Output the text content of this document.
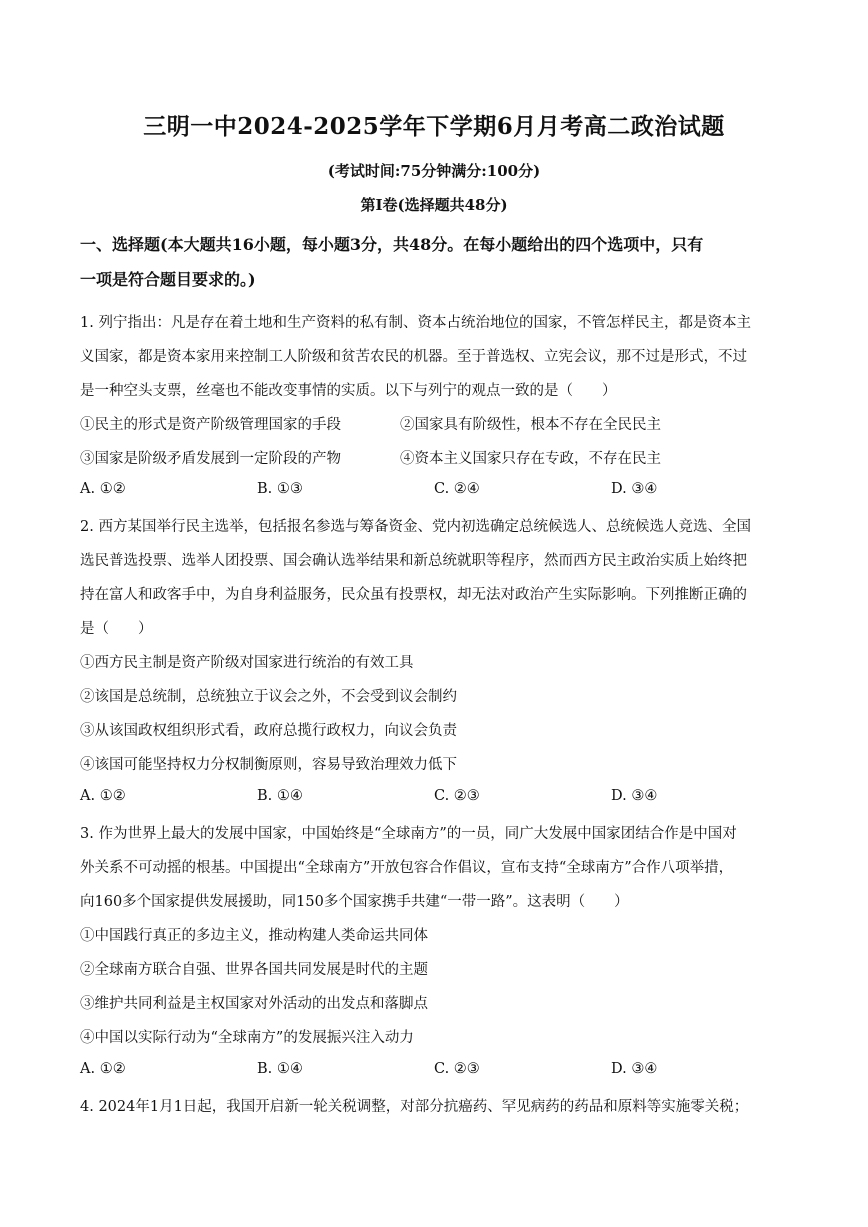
三明一中2024-2025学年下学期6月月考高二政治试题
(考试时间:75分钟满分:100分)
第Ⅰ卷(选择题共48分)
一、选择题(本大题共16小题，每小题3分，共48分。在每小题给出的四个选项中，只有
一项是符合题目要求的。)
1. 列宁指出：凡是存在着土地和生产资料的私有制、资本占统治地位的国家，不管怎样民主，都是资本主
义国家，都是资本家用来控制工人阶级和贫苦农民的机器。至于普选权、立宪会议，那不过是形式，不过
是一种空头支票，丝毫也不能改变事情的实质。以下与列宁的观点一致的是（　　）
①民主的形式是资产阶级管理国家的手段	②国家具有阶级性，根本不存在全民民主
③国家是阶级矛盾发展到一定阶段的产物	④资本主义国家只存在专政，不存在民主
A. ①②	B. ①③	C. ②④	D. ③④
2. 西方某国举行民主选举，包括报名参选与筹备资金、党内初选确定总统候选人、总统候选人竞选、全国
选民普选投票、选举人团投票、国会确认选举结果和新总统就职等程序，然而西方民主政治实质上始终把
持在富人和政客手中，为自身利益服务，民众虽有投票权，却无法对政治产生实际影响。下列推断正确的
是（　　）
①西方民主制是资产阶级对国家进行统治的有效工具
②该国是总统制，总统独立于议会之外，不会受到议会制约
③从该国政权组织形式看，政府总揽行政权力，向议会负责
④该国可能坚持权力分权制衡原则，容易导致治理效力低下
A. ①②	B. ①④	C. ②③	D. ③④
3. 作为世界上最大的发展中国家，中国始终是“全球南方”的一员，同广大发展中国家团结合作是中国对
外关系不可动摇的根基。中国提出“全球南方”开放包容合作倡议，宣布支持“全球南方”合作八项举措，
向160多个国家提供发展援助，同150多个国家携手共建“一带一路”。这表明（　　）
①中国践行真正的多边主义，推动构建人类命运共同体
②全球南方联合自强、世界各国共同发展是时代的主题
③维护共同利益是主权国家对外活动的出发点和落脚点
④中国以实际行动为“全球南方”的发展振兴注入动力
A. ①②	B. ①④	C. ②③	D. ③④
4. 2024年1月1日起，我国开启新一轮关税调整，对部分抗癌药、罕见病药的药品和原料等实施零关税；
